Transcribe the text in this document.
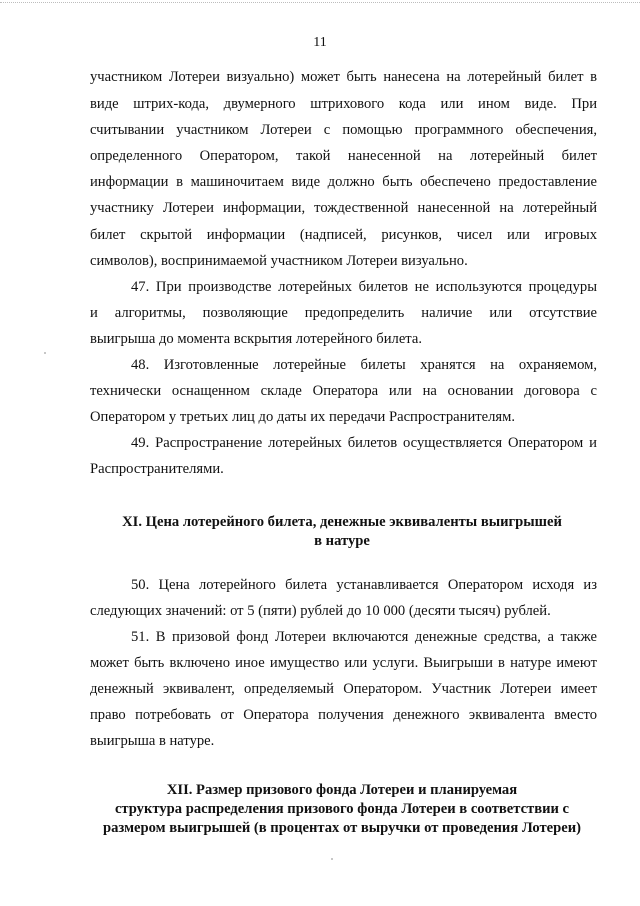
11
участником Лотереи визуально) может быть нанесена на лотерейный билет в
виде штрих-кода, двумерного штрихового кода или ином виде. При
считывании участником Лотереи с помощью программного обеспечения,
определенного Оператором, такой нанесенной на лотерейный билет
информации в машиночитаем виде должно быть обеспечено предоставление
участнику Лотереи информации, тождественной нанесенной на лотерейный
билет скрытой информации (надписей, рисунков, чисел или игровых
символов), воспринимаемой участником Лотереи визуально.
47. При производстве лотерейных билетов не используются процедуры
и алгоритмы, позволяющие предопределить наличие или отсутствие
выигрыша до момента вскрытия лотерейного билета.
48. Изготовленные лотерейные билеты хранятся на охраняемом,
технически оснащенном складе Оператора или на основании договора с
Оператором у третьих лиц до даты их передачи Распространителям.
49. Распространение лотерейных билетов осуществляется Оператором и
Распространителями.
XI. Цена лотерейного билета, денежные эквиваленты выигрышей
в натуре
50. Цена лотерейного билета устанавливается Оператором исходя из
следующих значений: от 5 (пяти) рублей до 10 000 (десяти тысяч) рублей.
51. В призовой фонд Лотереи включаются денежные средства, а также
может быть включено иное имущество или услуги. Выигрыши в натуре имеют
денежный эквивалент, определяемый Оператором. Участник Лотереи имеет
право потребовать от Оператора получения денежного эквивалента вместо
выигрыша в натуре.
XII. Размер призового фонда Лотереи и планируемая
структура распределения призового фонда Лотереи в соответствии с
размером выигрышей (в процентах от выручки от проведения Лотереи)
